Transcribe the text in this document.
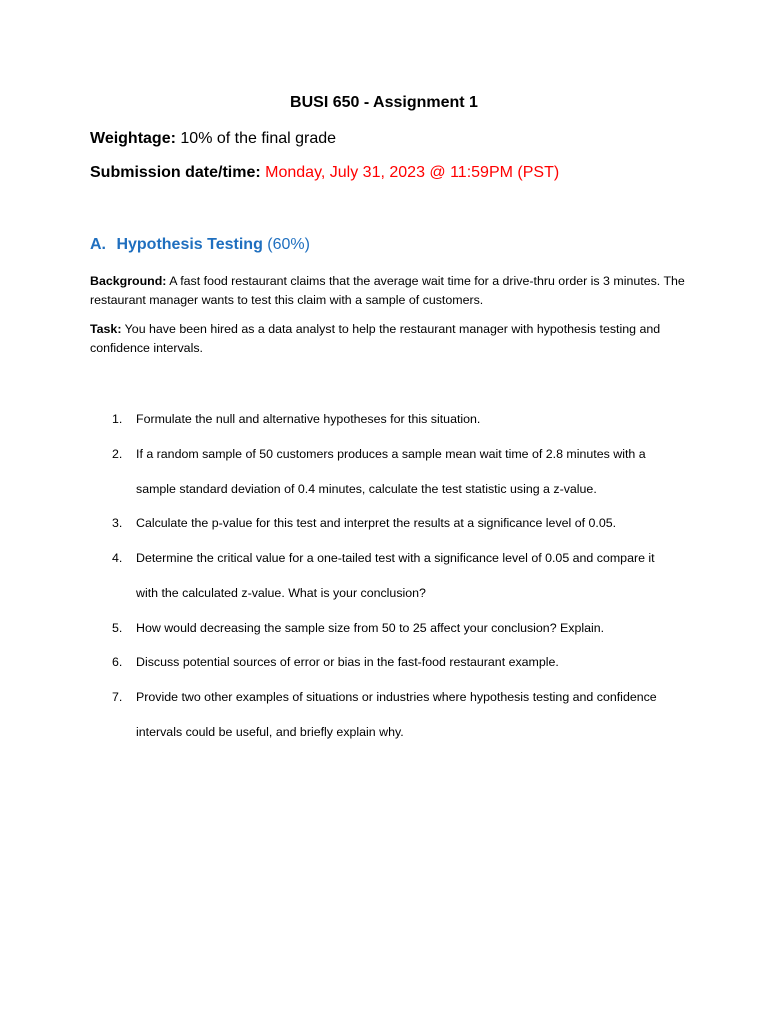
BUSI 650 - Assignment 1
Weightage: 10% of the final grade
Submission date/time: Monday, July 31, 2023 @ 11:59PM (PST)
A. Hypothesis Testing (60%)
Background: A fast food restaurant claims that the average wait time for a drive-thru order is 3 minutes. The restaurant manager wants to test this claim with a sample of customers.
Task: You have been hired as a data analyst to help the restaurant manager with hypothesis testing and confidence intervals.
1. Formulate the null and alternative hypotheses for this situation.
2. If a random sample of 50 customers produces a sample mean wait time of 2.8 minutes with a
sample standard deviation of 0.4 minutes, calculate the test statistic using a z-value.
3. Calculate the p-value for this test and interpret the results at a significance level of 0.05.
4. Determine the critical value for a one-tailed test with a significance level of 0.05 and compare it
with the calculated z-value. What is your conclusion?
5. How would decreasing the sample size from 50 to 25 affect your conclusion? Explain.
6. Discuss potential sources of error or bias in the fast-food restaurant example.
7. Provide two other examples of situations or industries where hypothesis testing and confidence
intervals could be useful, and briefly explain why.
